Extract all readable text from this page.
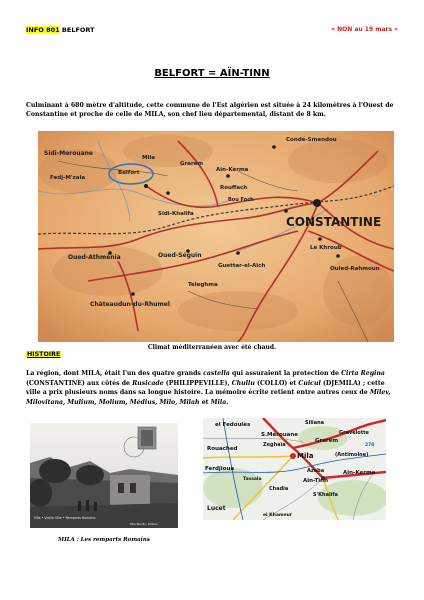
INFO 801 BELFORT	« NON au 19 mars »
BELFORT = AÏN-TINN
Culminant à 680 mètre d'altitude, cette commune de l'Est algérien est située à 24 kilomètres à l'Ouest de Constantine et proche de celle de MILA, son chef lieu départemental, distant de 8 km.
Condé-Smendou
Sidi-Merouane
Grarem
Mila
Fedj-M'zala
Belfort	Ain-Kerma
Rouffach
Bou Foch
CONSTANTINE
Sidi-Khalifa
Le Khroub
Oued-Athménia	Oued-Séguin
Ouled-Rahmoun
Châteaudun-du-Rhumel
Guettar-el-Aïch
Teleghma
Climat méditerranéen avec été chaud.
HISTOIRE
La région, dont MILA, était l'un des quatre grands castella qui assuraient la protection de Cirta Regina (CONSTANTINE) aux côtés de Rusicade (PHILIPPEVILLE), Chullu (COLLO) et Cuicul (DJEMILA) ; cette ville a prix plusieurs noms dans sa longue histoire. La mémoire écrite retient entre autres ceux de Milev, Milovitana, Mulium, Molium, Médius, Milo, Milah et Mila.
Mila • Vieille Ville • Remparts Romains
Mlle Bouilly, éditeur
el Fedoulès	Siliana
Gravelotte
S.Mérouane
Grarem
270
Rouached
Mila
Zeghaïa
(Antimoine)
Ferdjioua	Azeba	Ain-Kerma
Ain-Tinn
Chadia
Lucet
S'Khalifa
Tassala
el Khameur
MILA : Les remparts Romains
